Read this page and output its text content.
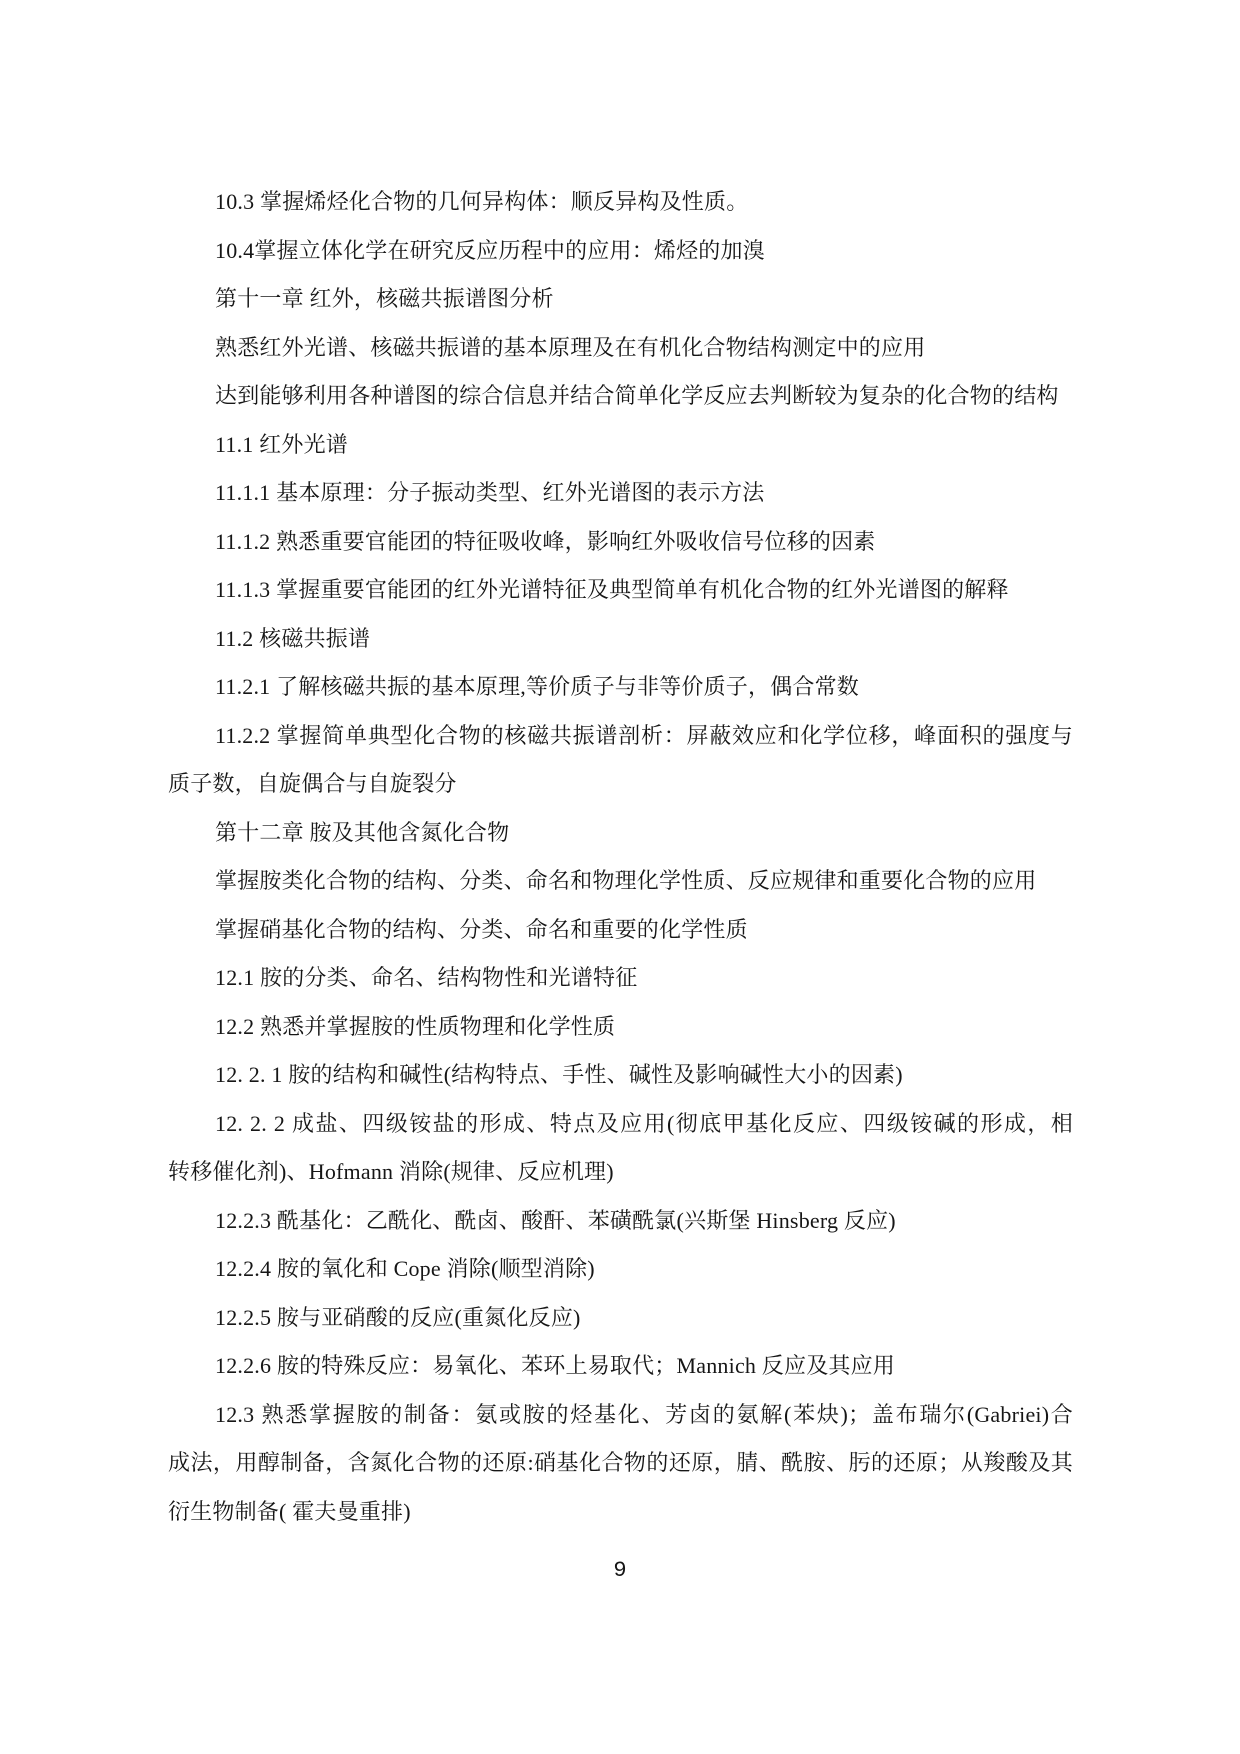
10.3 掌握烯烃化合物的几何异构体：顺反异构及性质。
10.4掌握立体化学在研究反应历程中的应用：烯烃的加溴
第十一章 红外，核磁共振谱图分析
熟悉红外光谱、核磁共振谱的基本原理及在有机化合物结构测定中的应用
达到能够利用各种谱图的综合信息并结合简单化学反应去判断较为复杂的化合物的结构
11.1 红外光谱
11.1.1 基本原理：分子振动类型、红外光谱图的表示方法
11.1.2 熟悉重要官能团的特征吸收峰，影响红外吸收信号位移的因素
11.1.3 掌握重要官能团的红外光谱特征及典型简单有机化合物的红外光谱图的解释
11.2 核磁共振谱
11.2.1 了解核磁共振的基本原理,等价质子与非等价质子，偶合常数
11.2.2 掌握简单典型化合物的核磁共振谱剖析：屏蔽效应和化学位移，峰面积的强度与
质子数，自旋偶合与自旋裂分
第十二章 胺及其他含氮化合物
掌握胺类化合物的结构、分类、命名和物理化学性质、反应规律和重要化合物的应用
掌握硝基化合物的结构、分类、命名和重要的化学性质
12.1 胺的分类、命名、结构物性和光谱特征
12.2 熟悉并掌握胺的性质物理和化学性质
12. 2. 1 胺的结构和碱性(结构特点、手性、碱性及影响碱性大小的因素)
12. 2. 2 成盐、四级铵盐的形成、特点及应用(彻底甲基化反应、四级铵碱的形成，相
转移催化剂)、Hofmann 消除(规律、反应机理)
12.2.3 酰基化：乙酰化、酰卤、酸酐、苯磺酰氯(兴斯堡 Hinsberg 反应)
12.2.4 胺的氧化和 Cope 消除(顺型消除)
12.2.5 胺与亚硝酸的反应(重氮化反应)
12.2.6 胺的特殊反应：易氧化、苯环上易取代；Mannich 反应及其应用
12.3 熟悉掌握胺的制备：氨或胺的烃基化、芳卤的氨解(苯炔)；盖布瑞尔(Gabriei)合
成法，用醇制备，含氮化合物的还原:硝基化合物的还原，腈、酰胺、肟的还原；从羧酸及其
衍生物制备( 霍夫曼重排)
9
